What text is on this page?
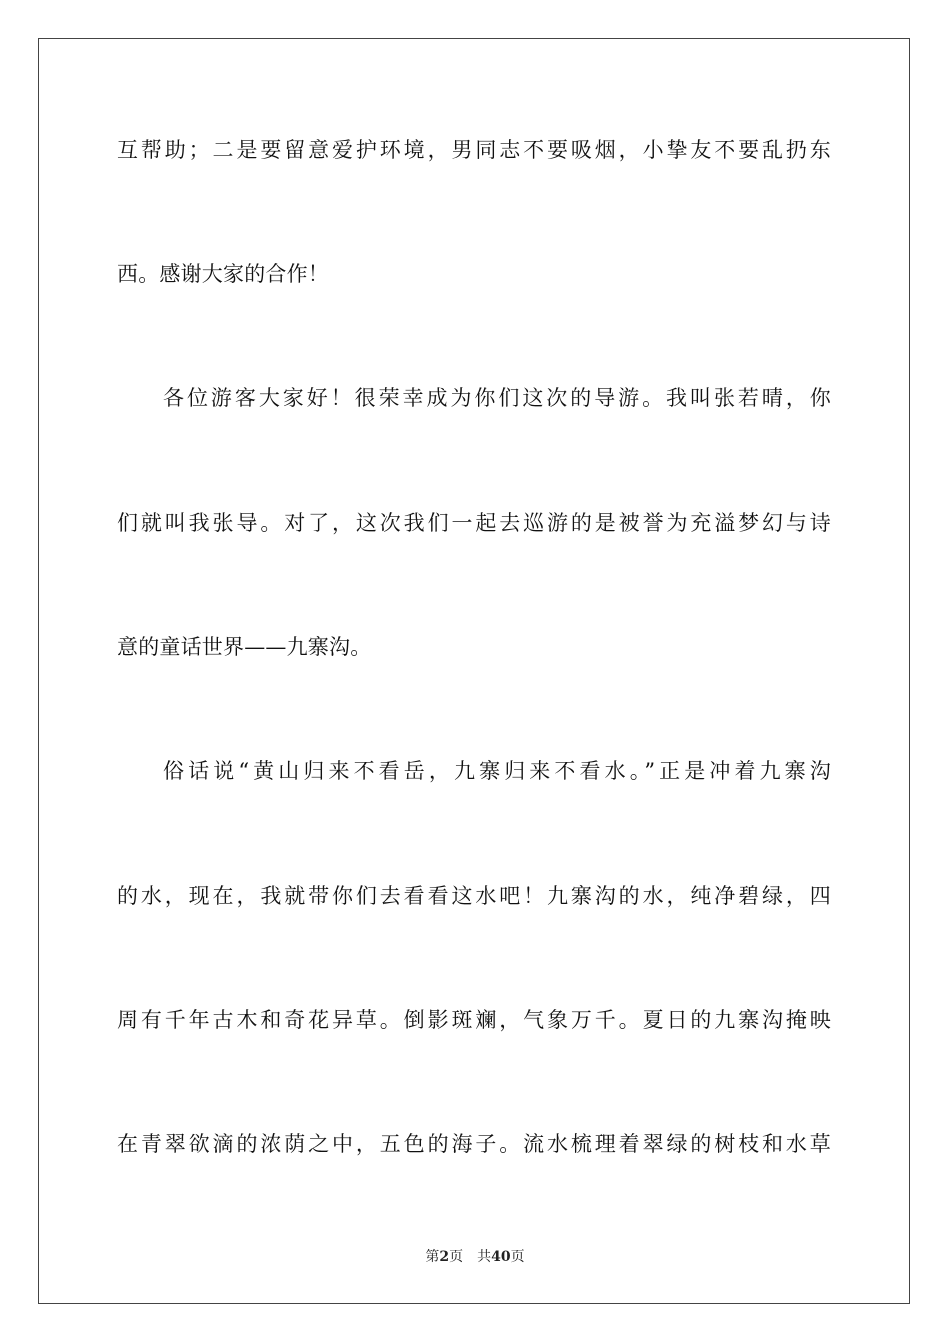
互帮助；二是要留意爱护环境，男同志不要吸烟，小挚友不要乱扔东
西。感谢大家的合作！
各位游客大家好！很荣幸成为你们这次的导游。我叫张若晴，你
们就叫我张导。对了，这次我们一起去巡游的是被誉为充溢梦幻与诗
意的童话世界——九寨沟。
俗话说“黄山归来不看岳，九寨归来不看水。”正是冲着九寨沟
的水，现在，我就带你们去看看这水吧！九寨沟的水，纯净碧绿，四
周有千年古木和奇花异草。倒影斑斓，气象万千。夏日的九寨沟掩映
在青翠欲滴的浓荫之中，五色的海子。流水梳理着翠绿的树枝和水草
第2页 共40页
